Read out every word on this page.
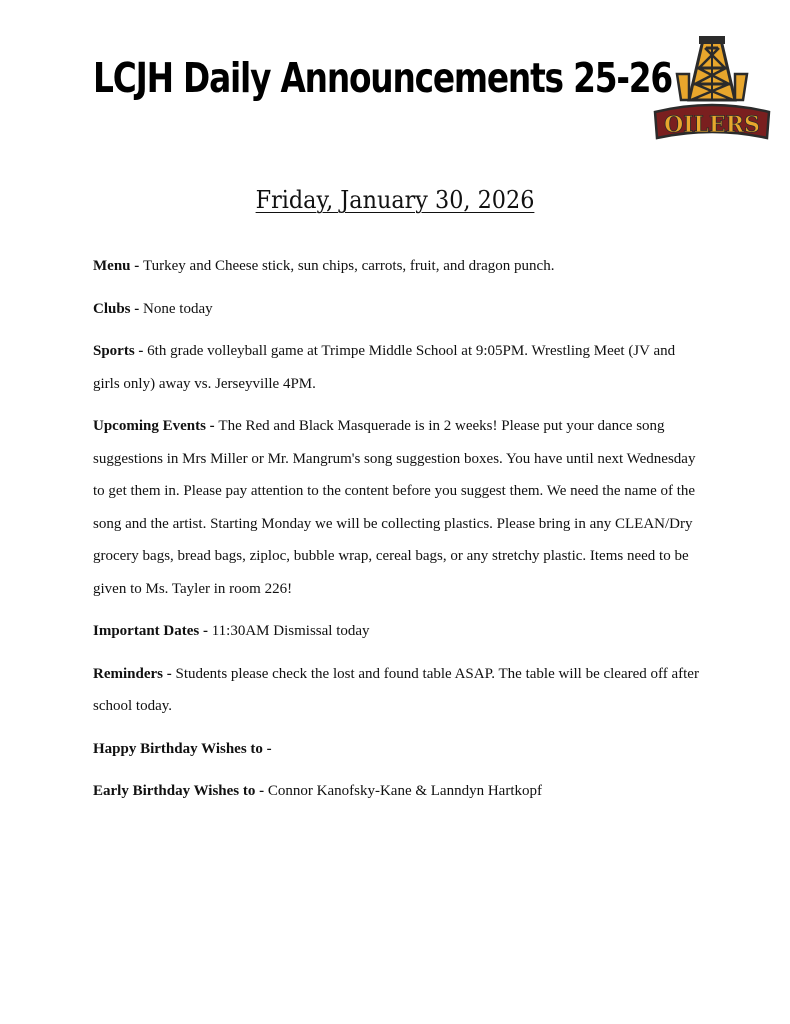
LCJH Daily Announcements 25-26
OILERS
Friday, January 30, 2026

Menu - Turkey and Cheese stick, sun chips, carrots, fruit, and dragon punch.

Clubs - None today

Sports - 6th grade volleyball game at Trimpe Middle School at 9:05PM. Wrestling Meet (JV and girls only) away vs. Jerseyville 4PM.

Upcoming Events - The Red and Black Masquerade is in 2 weeks! Please put your dance song suggestions in Mrs Miller or Mr. Mangrum's song suggestion boxes. You have until next Wednesday to get them in. Please pay attention to the content before you suggest them. We need the name of the song and the artist. Starting Monday we will be collecting plastics. Please bring in any CLEAN/Dry grocery bags, bread bags, ziploc, bubble wrap, cereal bags, or any stretchy plastic. Items need to be given to Ms. Tayler in room 226!

Important Dates - 11:30AM Dismissal today

Reminders - Students please check the lost and found table ASAP. The table will be cleared off after school today.

Happy Birthday Wishes to -

Early Birthday Wishes to - Connor Kanofsky-Kane & Lanndyn Hartkopf
